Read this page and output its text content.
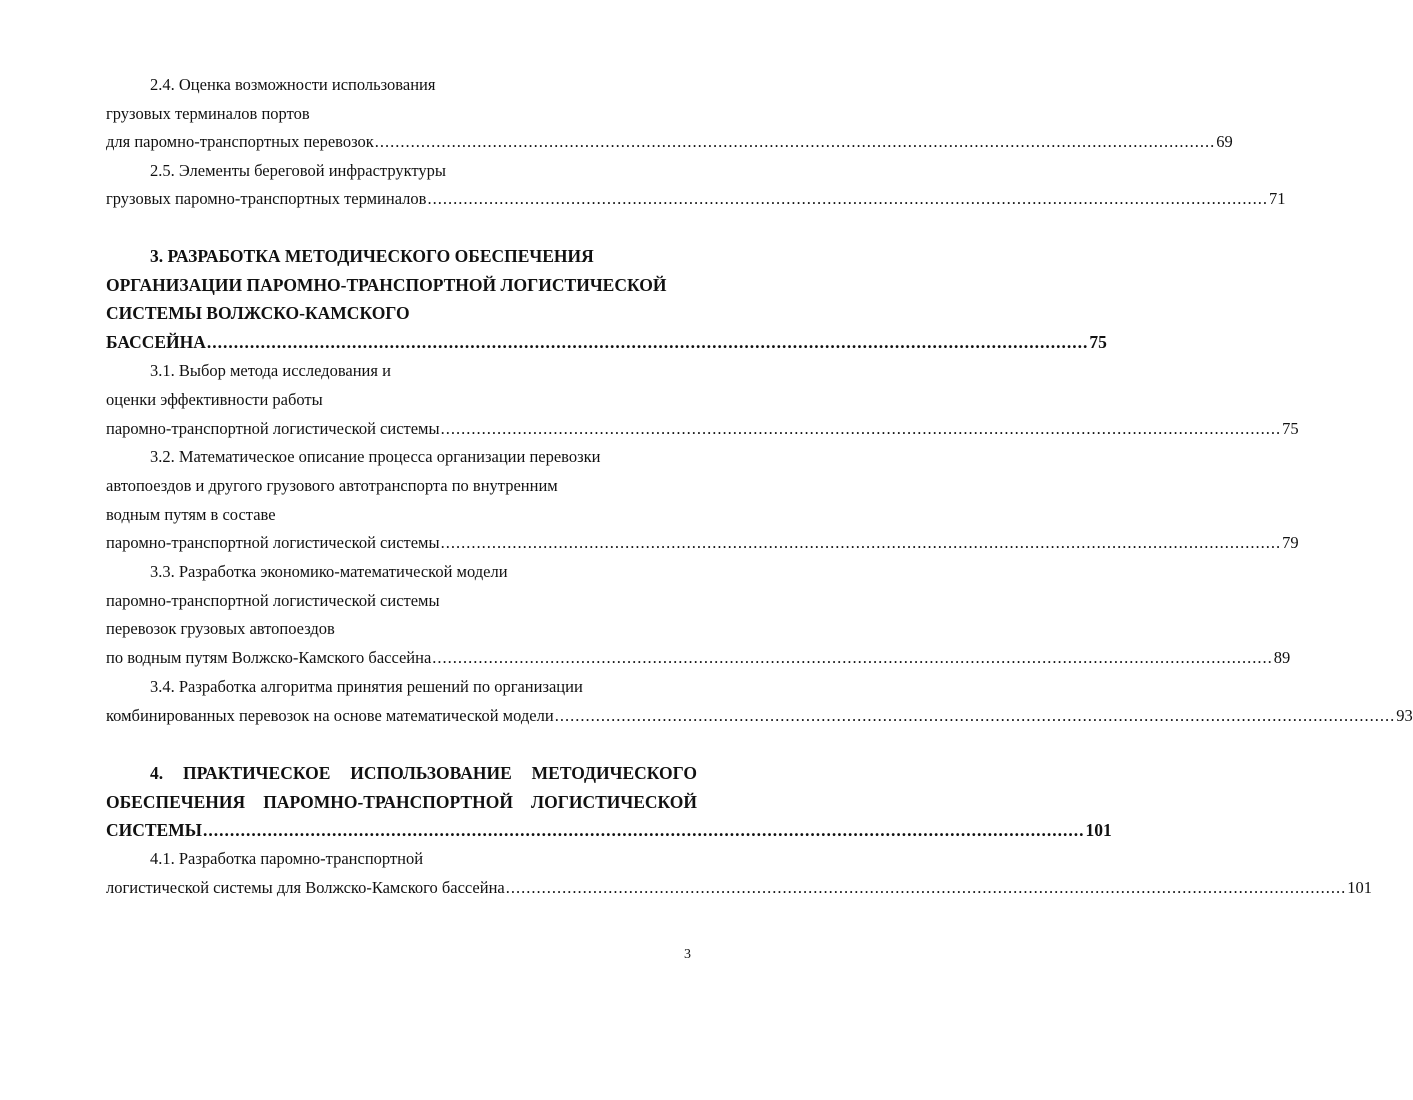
2.4. Оценка возможности использования
грузовых терминалов портов
для паромно-транспортных перевозок .................................................................................................................................................................... 69
2.5. Элементы береговой инфраструктуры
грузовых паромно-транспортных терминалов .................................................................................................................................................................... 71
3. РАЗРАБОТКА МЕТОДИЧЕСКОГО ОБЕСПЕЧЕНИЯ
ОРГАНИЗАЦИИ ПАРОМНО-ТРАНСПОРТНОЙ ЛОГИСТИЧЕСКОЙ
СИСТЕМЫ ВОЛЖСКО-КАМСКОГО
БАССЕЙНА .................................................................................................................................................................... 75
3.1. Выбор метода исследования и
оценки эффективности работы
паромно-транспортной логистической системы .................................................................................................................................................................... 75
3.2. Математическое описание процесса организации перевозки
автопоездов и другого грузового автотранспорта по внутренним
водным путям в составе
паромно-транспортной логистической системы .................................................................................................................................................................... 79
3.3. Разработка экономико-математической модели
паромно-транспортной логистической системы
перевозок грузовых автопоездов
по водным путям Волжско-Камского бассейна .................................................................................................................................................................... 89
3.4. Разработка алгоритма принятия решений по организации
комбинированных перевозок на основе математической модели .................................................................................................................................................................... 93
4. ПРАКТИЧЕСКОЕ ИСПОЛЬЗОВАНИЕ МЕТОДИЧЕСКОГО
ОБЕСПЕЧЕНИЯ ПАРОМНО-ТРАНСПОРТНОЙ ЛОГИСТИЧЕСКОЙ
СИСТЕМЫ .................................................................................................................................................................... 101
4.1. Разработка паромно-транспортной
логистической системы для Волжско-Камского бассейна .................................................................................................................................................................... 101
3
